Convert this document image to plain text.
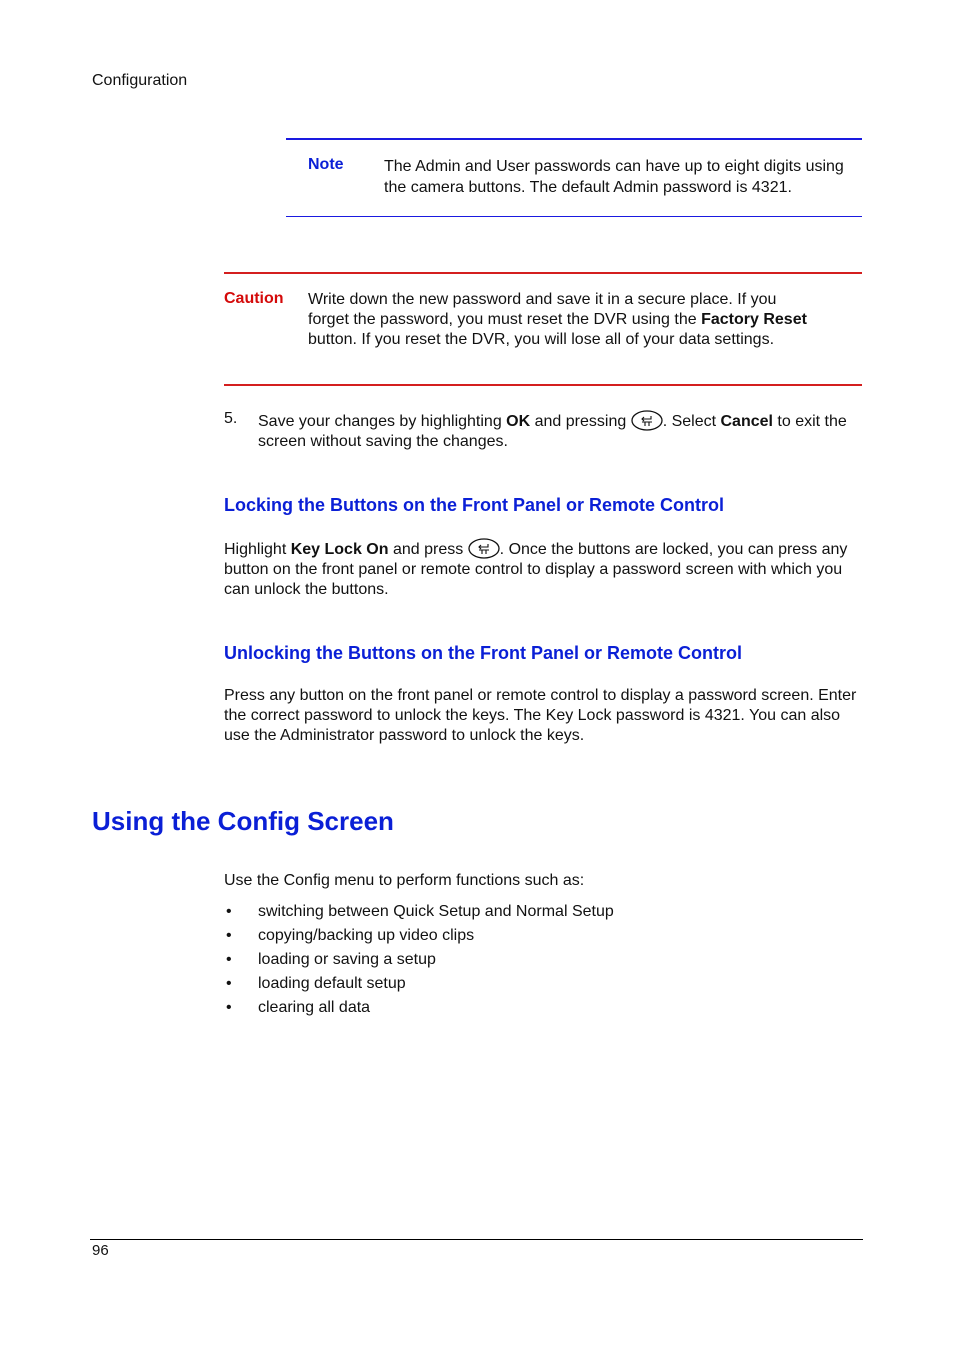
Configuration
Note	The Admin and User passwords can have up to eight digits using the camera buttons. The default Admin password is 4321.
Caution Write down the new password and save it in a secure place. If you forget the password, you must reset the DVR using the Factory Reset button. If you reset the DVR, you will lose all of your data settings.
5. Save your changes by highlighting OK and pressing . Select Cancel to exit the screen without saving the changes.
Locking the Buttons on the Front Panel or Remote Control
Highlight Key Lock On and press . Once the buttons are locked, you can press any button on the front panel or remote control to display a password screen with which you can unlock the buttons.
Unlocking the Buttons on the Front Panel or Remote Control
Press any button on the front panel or remote control to display a password screen. Enter the correct password to unlock the keys. The Key Lock password is 4321. You can also use the Administrator password to unlock the keys.
Using the Config Screen
Use the Config menu to perform functions such as:
• switching between Quick Setup and Normal Setup
• copying/backing up video clips
• loading or saving a setup
• loading default setup
• clearing all data
96
